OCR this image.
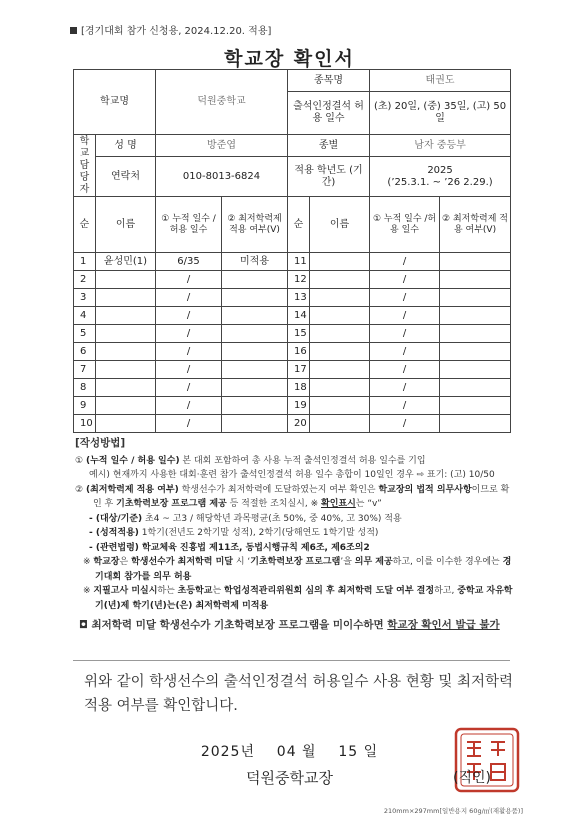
[경기대회 참가 신청용, 2024.12.20. 적용]
학교장 확인서
학교명		덕원중학교		종목명		태권도	
				출석인정결석 허용 일수		(초) 20일, (중) 35일, (고) 50일	

학교 담당자	성 명	방준엽		종별		남자 중등부	
	연락처	010-8013-6824		적용 학년도 (기간)		2025
(’25.3.1. ~ ’26 2.29.)	
순	이름	① 누적 일수 /허용 일수	② 최저학력제 적용 여부(V)	순	이름	① 누적 일수 /허용 일수	② 최저학력제 적용 여부(V)
1	윤성민(1)	6/35	미적용	11		/	
2		/		12		/	
3		/		13		/	
4		/		14		/	
5		/		15		/	
6		/		16		/	
7		/		17		/	
8		/		18		/	
9		/		19		/	
10		/		20		/	
[작성방법]
① (누적 일수 / 허용 일수) 본 대회 포함하여 총 사용 누적 출석인정결석 허용 일수를 기입
예시) 현재까지 사용한 대회·훈련 참가 출석인정결석 허용 일수 총합이 10일인 경우 ⇨ 표기: (고) 10/50
② (최저학력제 적용 여부) 학생선수가 최저학력에 도달하였는지 여부 확인은 학교장의 법적 의무사항이므로 확인 후 기초학력보장 프로그램 제공 등 적절한 조치실시, ※ 확인표시는 “v”
- (대상/기준) 초4 ~ 고3 / 해당학년 과목평균(초 50%, 중 40%, 고 30%) 적용
- (성적적용) 1학기(전년도 2학기말 성적), 2학기(당해연도 1학기말 성적)
- (관련법령) 학교체육 진흥법 제11조, 동법시행규칙 제6조, 제6조의2
※ 학교장은 학생선수가 최저학력 미달 시 ‘기초학력보장 프로그램’을 의무 제공하고, 이를 이수한 경우에는 경기대회 참가를 의무 허용
※ 지필고사 미실시하는 초등학교는 학업성적관리위원회 심의 후 최저학력 도달 여부 결정하고, 중학교 자유학기(년)제 학기(년)는(은) 최저학력제 미적용
◘ 최저학력 미달 학생선수가 기초학력보장 프로그램을 미이수하면 학교장 확인서 발급 불가
위와 같이 학생선수의 출석인정결석 허용일수 사용 현황 및 최저학력 적용 여부를 확인합니다.
2025년 04 월 15 일
덕원중학교장	(직인)
210mm×297mm[일반용지 60g/㎡(재활용품)]
